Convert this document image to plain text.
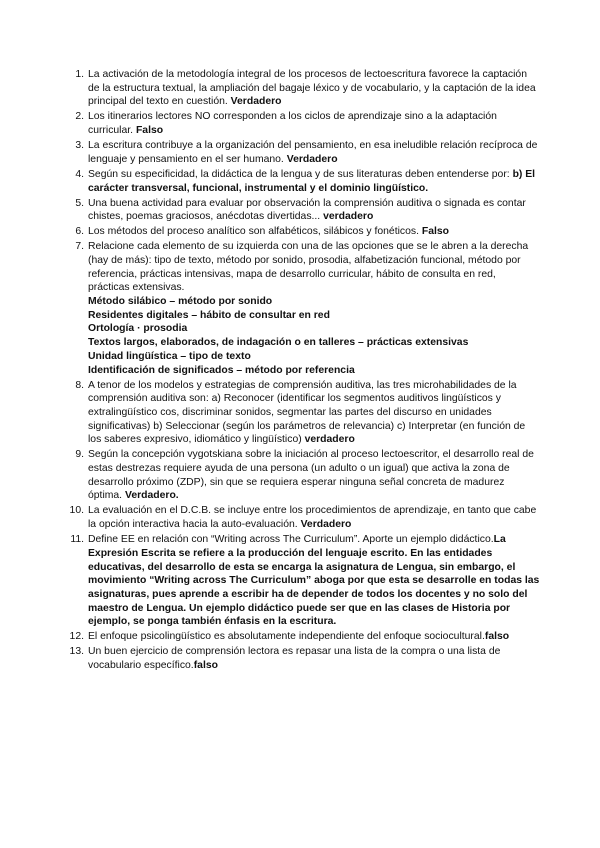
1. La activación de la metodología integral de los procesos de lectoescritura favorece la captación de la estructura textual, la ampliación del bagaje léxico y de vocabulario, y la captación de la idea principal del texto en cuestión. Verdadero
2. Los itinerarios lectores NO corresponden a los ciclos de aprendizaje sino a la adaptación curricular. Falso
3. La escritura contribuye a la organización del pensamiento, en esa ineludible relación recíproca de lenguaje y pensamiento en el ser humano. Verdadero
4. Según su especificidad, la didáctica de la lengua y de sus literaturas deben entenderse por: b) El carácter transversal, funcional, instrumental y el dominio lingüístico.
5. Una buena actividad para evaluar por observación la comprensión auditiva o signada es contar chistes, poemas graciosos, anécdotas divertidas... verdadero
6. Los métodos del proceso analítico son alfabéticos, silábicos y fonéticos. Falso
7. Relacione cada elemento de su izquierda con una de las opciones que se le abren a la derecha (hay de más): tipo de texto, método por sonido, prosodia, alfabetización funcional, método por referencia, prácticas intensivas, mapa de desarrollo curricular, hábito de consulta en red, prácticas extensivas.
Método silábico – método por sonido
Residentes digitales – hábito de consultar en red
Ortología · prosodia
Textos largos, elaborados, de indagación o en talleres – prácticas extensivas
Unidad lingüística – tipo de texto
Identificación de significados – método por referencia
8. A tenor de los modelos y estrategias de comprensión auditiva, las tres microhabilidades de la comprensión auditiva son: a) Reconocer (identificar los segmentos auditivos lingüísticos y extralingüístico cos, discriminar sonidos, segmentar las partes del discurso en unidades significativas) b) Seleccionar (según los parámetros de relevancia) c) Interpretar (en función de los saberes expresivo, idiomático y lingüístico) verdadero
9. Según la concepción vygotskiana sobre la iniciación al proceso lectoescritor, el desarrollo real de estas destrezas requiere ayuda de una persona (un adulto o un igual) que activa la zona de desarrollo próximo (ZDP), sin que se requiera esperar ninguna señal concreta de madurez óptima. Verdadero.
10. La evaluación en el D.C.B. se incluye entre los procedimientos de aprendizaje, en tanto que cabe la opción interactiva hacia la auto-evaluación. Verdadero
11. Define EE en relación con “Writing across The Curriculum”. Aporte un ejemplo didáctico.La Expresión Escrita se refiere a la producción del lenguaje escrito. En las entidades educativas, del desarrollo de esta se encarga la asignatura de Lengua, sin embargo, el movimiento “Writing across The Curriculum” aboga por que esta se desarrolle en todas las asignaturas, pues aprende a escribir ha de depender de todos los docentes y no solo del maestro de Lengua. Un ejemplo didáctico puede ser que en las clases de Historia por ejemplo, se ponga también énfasis en la escritura.
12. El enfoque psicolingüístico es absolutamente independiente del enfoque sociocultural.falso
13. Un buen ejercicio de comprensión lectora es repasar una lista de la compra o una lista de vocabulario específico.falso
